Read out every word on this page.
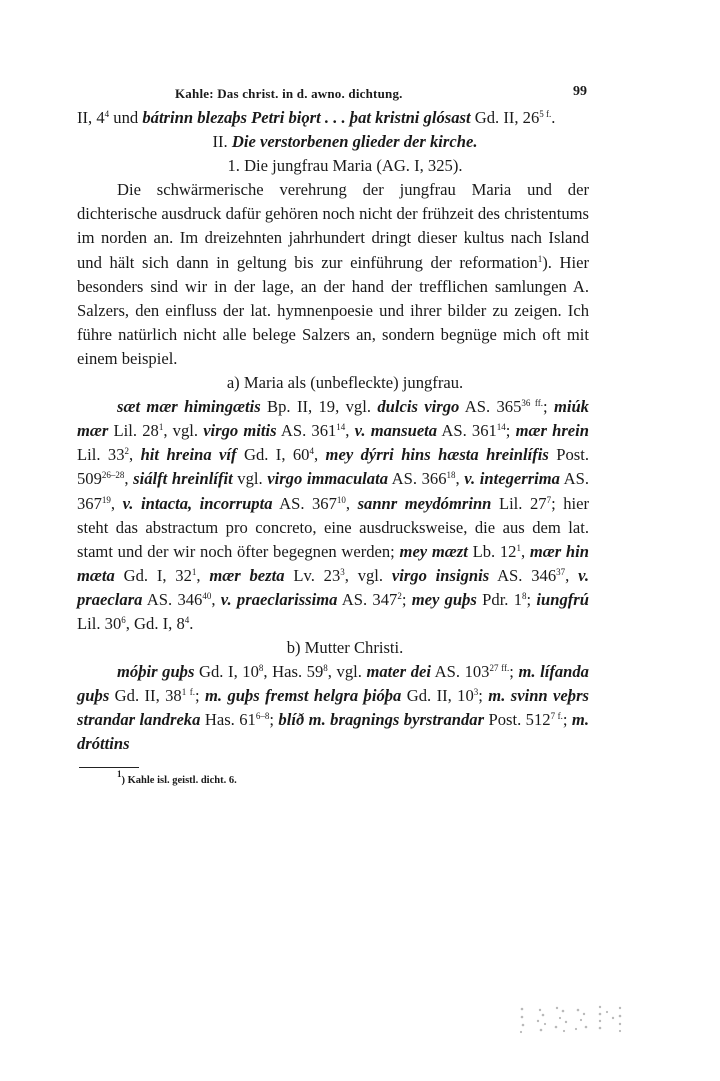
Kahle: Das christ. in d. awno. dichtung.	99

II, $4^4$ und bátrinn blezaþs Petri biǫrt . . . þat kristni glósast Gd. II, $26^{5 f.}$.

II. Die verstorbenen glieder der kirche.

1. Die jungfrau Maria (AG. I, 325).

Die schwärmerische verehrung der jungfrau Maria und der dichterische ausdruck dafür gehören noch nicht der frühzeit des christentums im norden an. Im dreizehnten jahrhundert dringt dieser kultus nach Island und hält sich dann in geltung bis zur einführung der reformation$^1$). Hier besonders sind wir in der lage, an der hand der trefflichen samlungen A. Salzers, den einfluss der lat. hymnenpoesie und ihrer bilder zu zeigen. Ich führe natürlich nicht alle belege Salzers an, sondern begnüge mich oft mit einem beispiel.

a) Maria als (unbefleckte) jungfrau.

sæt mær himingætis Bp. II, 19, vgl. dulcis virgo AS. $365^{36 ff.}$; miúk mær Lil. $28^1$, vgl. virgo mitis AS. $361^{14}$, v. mansueta AS. $361^{14}$; mær hrein Lil. $33^2$, hit hreina víf Gd. I, $60^4$, mey dýrri hins hæsta hreinlífis Post. 509$^{26-28}$, siálft hreinlífit vgl. virgo immaculata AS. $366^{18}$, v. integerrima AS. $367^{19}$, v. intacta, incorrupta AS. $367^{10}$, sannr meydómrinn Lil. $27^7$; hier steht das abstractum pro concreto, eine ausdrucksweise, die aus dem lat. stamt und der wir noch öfter begegnen werden; mey mæzt Lb. $12^1$, mær hin mæta Gd. I, $32^1$, mær bezta Lv. $23^3$, vgl. virgo insignis AS. $346^{37}$, v. praeclara AS. $346^{40}$, v. praeclarissima AS. $347^2$; mey guþs Pdr. $1^8$; iungfrú Lil. $30^6$, Gd. I, $8^4$.

b) Mutter Christi.

móþir guþs Gd. I, $10^8$, Has. $59^8$, vgl. mater dei AS. $103^{27 ff.}$; m. lífanda guþs Gd. II, $38^{1 f.}$; m. guþs fremst helgra þióþa Gd. II, $10^3$; m. svinn veþrs strandar landreka Has. 61$^{6-8}$; blíð m. bragnings byrstrandar Post. $512^{7 f.}$; m. dróttins

$^1$) Kahle isl. geistl. dicht. 6.
